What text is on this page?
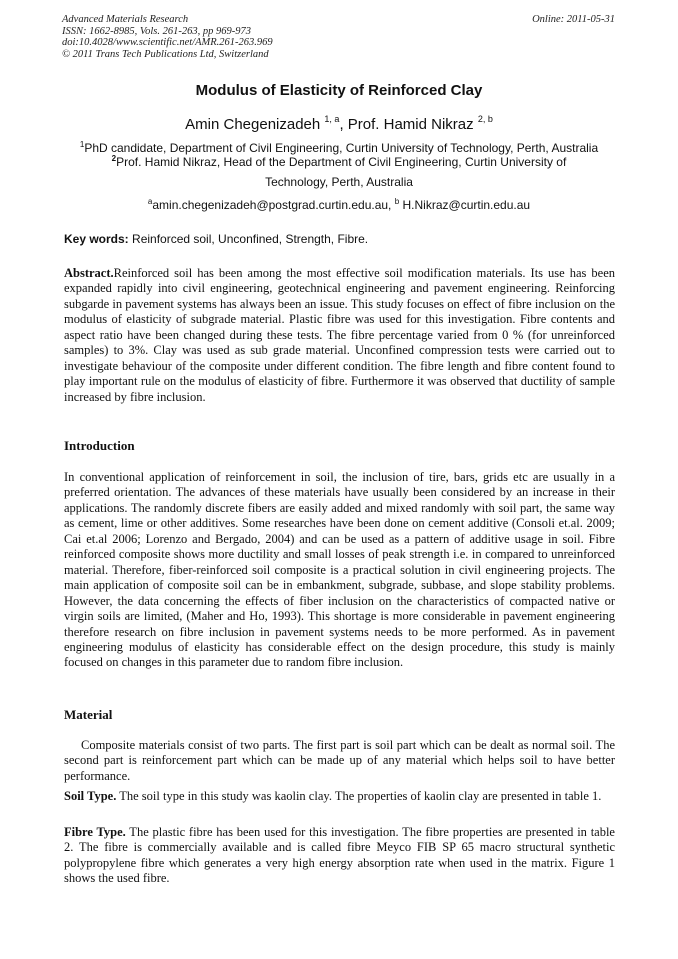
Advanced Materials Research
ISSN: 1662-8985, Vols. 261-263, pp 969-973
doi:10.4028/www.scientific.net/AMR.261-263.969
© 2011 Trans Tech Publications Ltd, Switzerland
Online: 2011-05-31
Modulus of Elasticity of Reinforced Clay
Amin Chegenizadeh $^{1, a}$, Prof. Hamid Nikraz $^{2, b}$
$^1$PhD candidate, Department of Civil Engineering, Curtin University of Technology, Perth, Australia
$^2$Prof. Hamid Nikraz, Head of the Department of Civil Engineering, Curtin University of
Technology, Perth, Australia
$^a$amin.chegenizadeh@postgrad.curtin.edu.au, $^b$ H.Nikraz@curtin.edu.au
Key words: Reinforced soil, Unconfined, Strength, Fibre.
Abstract.Reinforced soil has been among the most effective soil modification materials. Its use has been expanded rapidly into civil engineering, geotechnical engineering and pavement engineering. Reinforcing subgarde in pavement systems has always been an issue. This study focuses on effect of fibre inclusion on the modulus of elasticity of subgrade material. Plastic fibre was used for this investigation. Fibre contents and aspect ratio have been changed during these tests. The fibre percentage varied from 0 % (for unreinforced samples) to 3%. Clay was used as sub grade material. Unconfined compression tests were carried out to investigate behaviour of the composite under different condition. The fibre length and fibre content found to play important rule on the modulus of elasticity of fibre. Furthermore it was observed that ductility of sample increased by fibre inclusion.
Introduction
In conventional application of reinforcement in soil, the inclusion of tire, bars, grids etc are usually in a preferred orientation. The advances of these materials have usually been considered by an increase in their applications. The randomly discrete fibers are easily added and mixed randomly with soil part, the same way as cement, lime or other additives. Some researches have been done on cement additive (Consoli et.al. 2009; Cai et.al 2006; Lorenzo and Bergado, 2004) and can be used as a pattern of additive usage in soil. Fibre reinforced composite shows more ductility and small losses of peak strength i.e. in compared to unreinforced material. Therefore, fiber-reinforced soil composite is a practical solution in civil engineering projects. The main application of composite soil can be in embankment, subgrade, subbase, and slope stability problems. However, the data concerning the effects of fiber inclusion on the characteristics of compacted native or virgin soils are limited, (Maher and Ho, 1993). This shortage is more considerable in pavement engineering therefore research on fibre inclusion in pavement systems needs to be more performed. As in pavement engineering modulus of elasticity has considerable effect on the design procedure, this study is mainly focused on changes in this parameter due to random fibre inclusion.
Material
Composite materials consist of two parts. The first part is soil part which can be dealt as normal soil. The second part is reinforcement part which can be made up of any material which helps soil to have better performance.
Soil Type. The soil type in this study was kaolin clay. The properties of kaolin clay are presented in table 1.
Fibre Type. The plastic fibre has been used for this investigation. The fibre properties are presented in table 2. The fibre is commercially available and is called fibre Meyco FIB SP 65 macro structural synthetic polypropylene fibre which generates a very high energy absorption rate when used in the matrix. Figure 1 shows the used fibre.
